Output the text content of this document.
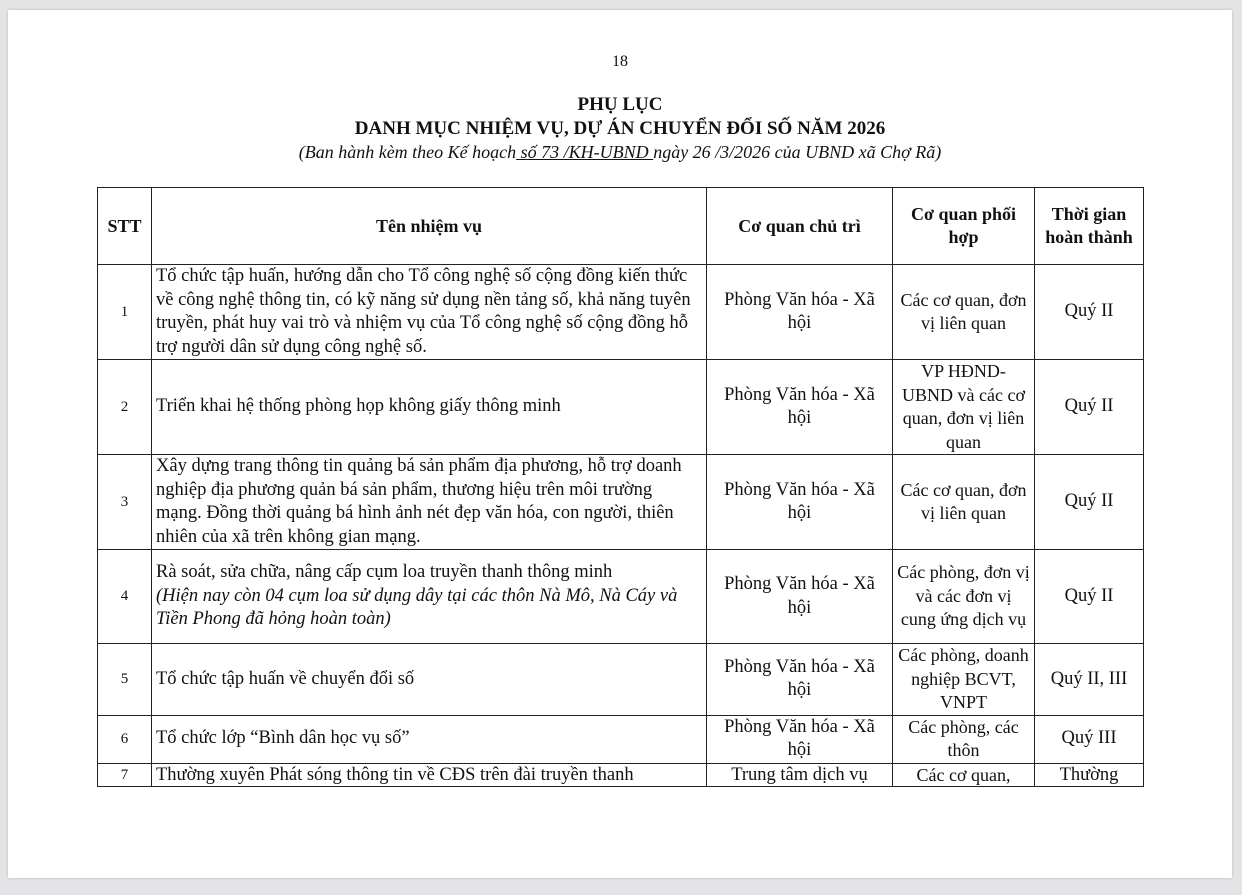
18
PHỤ LỤC
DANH MỤC NHIỆM VỤ, DỰ ÁN CHUYỂN ĐỔI SỐ NĂM 2026
(Ban hành kèm theo Kế hoạch số 73 /KH-UBND ngày 26 /3/2026 của UBND xã Chợ Rã)
STT	Tên nhiệm vụ	Cơ quan chủ trì	Cơ quan phối hợp	Thời gian hoàn thành
1	Tổ chức tập huấn, hướng dẫn cho Tổ công nghệ số cộng đồng kiến thức về công nghệ thông tin, có kỹ năng sử dụng nền tảng số, khả năng tuyên truyền, phát huy vai trò và nhiệm vụ của Tổ công nghệ số cộng đồng hỗ trợ người dân sử dụng công nghệ số.	Phòng Văn hóa - Xã hội	Các cơ quan, đơn vị liên quan	Quý II
2	Triển khai hệ thống phòng họp không giấy thông minh	Phòng Văn hóa - Xã hội	VP HĐND-UBND và các cơ quan, đơn vị liên quan	Quý II
3	Xây dựng trang thông tin quảng bá sản phẩm địa phương, hỗ trợ doanh nghiệp địa phương quản bá sản phẩm, thương hiệu trên môi trường mạng. Đồng thời quảng bá hình ảnh nét đẹp văn hóa, con người, thiên nhiên của xã trên không gian mạng.	Phòng Văn hóa - Xã hội	Các cơ quan, đơn vị liên quan	Quý II
4	Rà soát, sửa chữa, nâng cấp cụm loa truyền thanh thông minh
(Hiện nay còn 04 cụm loa sử dụng dây tại các thôn Nà Mô, Nà Cáy và Tiền Phong đã hỏng hoàn toàn)	Phòng Văn hóa - Xã hội	Các phòng, đơn vị và các đơn vị cung ứng dịch vụ	Quý II
5	Tổ chức tập huấn về chuyển đổi số	Phòng Văn hóa - Xã hội	Các phòng, doanh nghiệp BCVT, VNPT	Quý II, III
6	Tổ chức lớp “Bình dân học vụ số”	Phòng Văn hóa - Xã hội	Các phòng, các thôn	Quý III

7	Thường xuyên Phát sóng thông tin về CĐS trên đài truyền thanh	Trung tâm dịch vụ	Các cơ quan,	Thường
